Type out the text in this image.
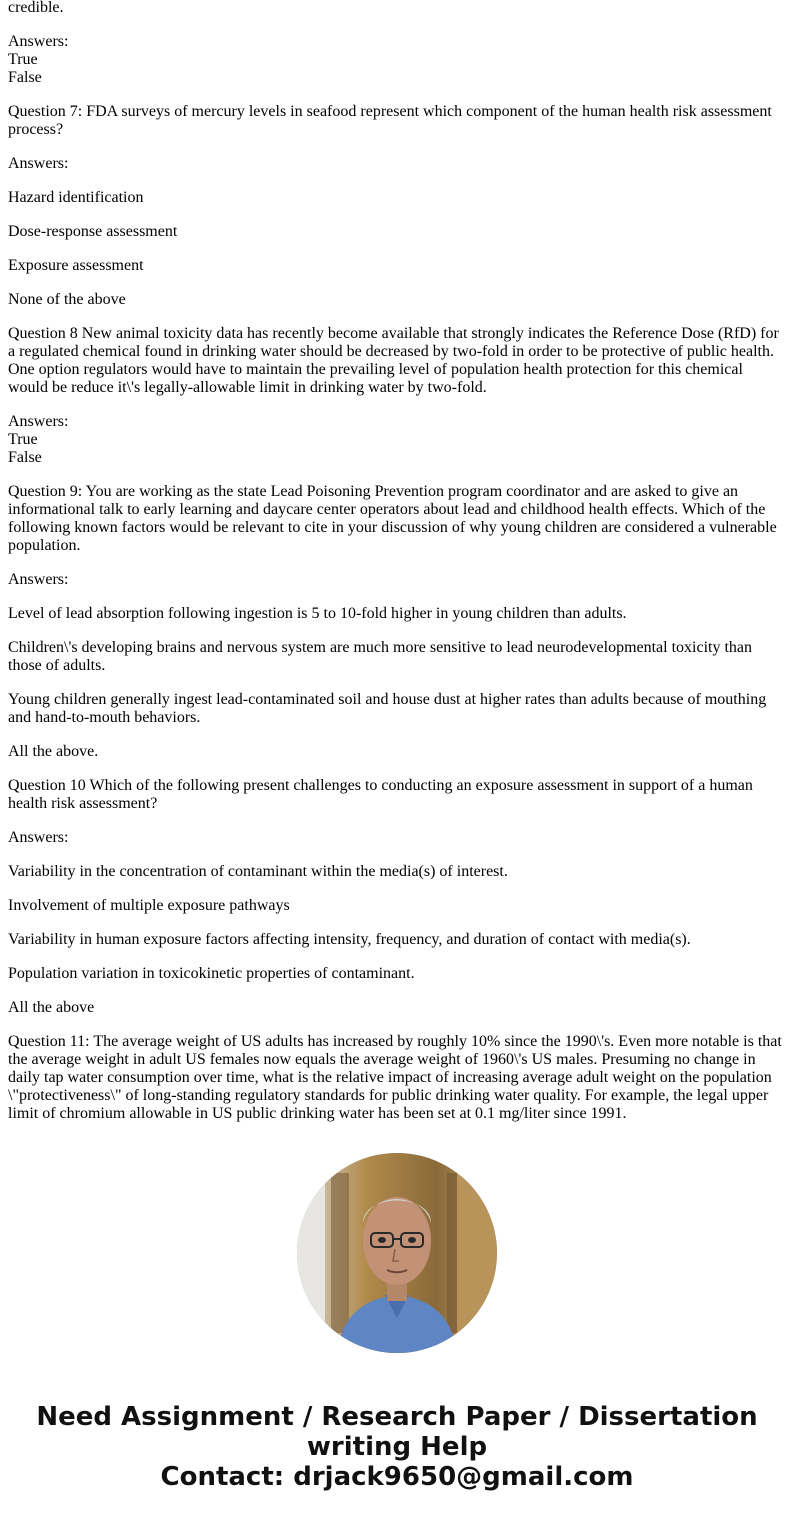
credible.

Answers:
True
False

Question 7: FDA surveys of mercury levels in seafood represent which component of the human health risk assessment process?

Answers:

Hazard identification

Dose-response assessment

Exposure assessment

None of the above

Question 8 New animal toxicity data has recently become available that strongly indicates the Reference Dose (RfD) for a regulated chemical found in drinking water should be decreased by two-fold in order to be protective of public health. One option regulators would have to maintain the prevailing level of population health protection for this chemical would be reduce it\'s legally-allowable limit in drinking water by two-fold.

Answers:
True
False

Question 9: You are working as the state Lead Poisoning Prevention program coordinator and are asked to give an informational talk to early learning and daycare center operators about lead and childhood health effects. Which of the following known factors would be relevant to cite in your discussion of why young children are considered a vulnerable population.

Answers:

Level of lead absorption following ingestion is 5 to 10-fold higher in young children than adults.

Children\'s developing brains and nervous system are much more sensitive to lead neurodevelopmental toxicity than those of adults.

Young children generally ingest lead-contaminated soil and house dust at higher rates than adults because of mouthing and hand-to-mouth behaviors.

All the above.

Question 10 Which of the following present challenges to conducting an exposure assessment in support of a human health risk assessment?

Answers:

Variability in the concentration of contaminant within the media(s) of interest.

Involvement of multiple exposure pathways

Variability in human exposure factors affecting intensity, frequency, and duration of contact with media(s).

Population variation in toxicokinetic properties of contaminant.

All the above

Question 11: The average weight of US adults has increased by roughly 10% since the 1990\'s. Even more notable is that the average weight in adult US females now equals the average weight of 1960\'s US males. Presuming no change in daily tap water consumption over time, what is the relative impact of increasing average adult weight on the population \"protectiveness\" of long-standing regulatory standards for public drinking water quality. For example, the legal upper limit of chromium allowable in US public drinking water has been set at 0.1 mg/liter since 1991.

Need Assignment / Research Paper / Dissertation
writing Help
Contact: drjack9650@gmail.com
